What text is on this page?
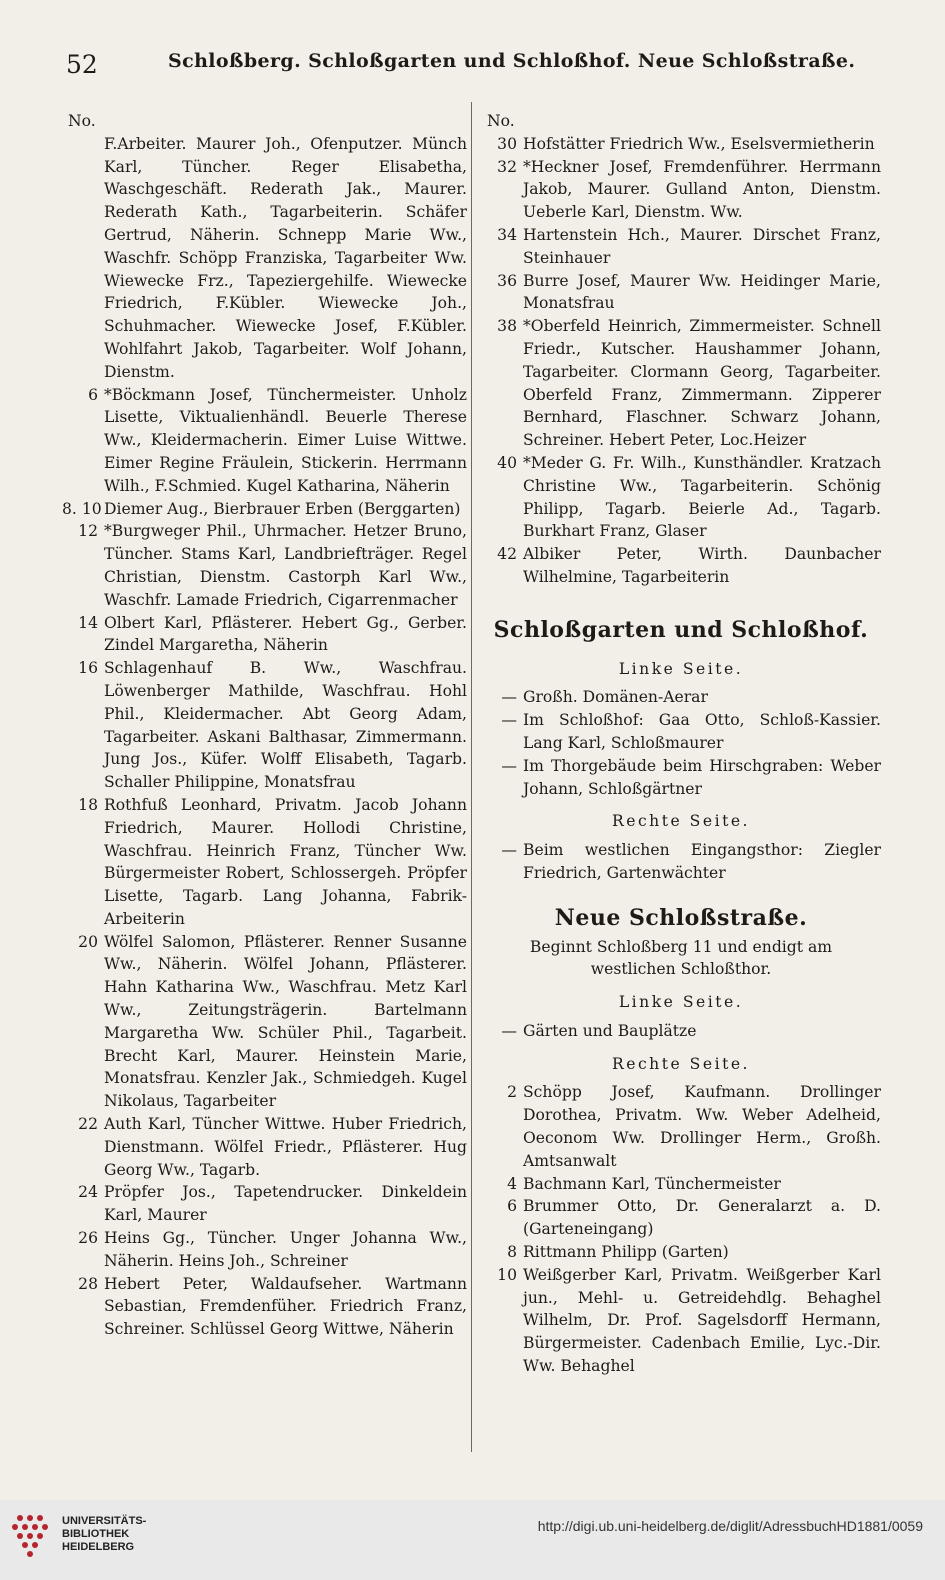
52	Schloßberg. Schloßgarten und Schloßhof. Neue Schloßstraße.
No.
F.Arbeiter. Maurer Joh., Ofenputzer. Münch Karl, Tüncher. Reger Elisabetha, Waschgeschäft. Rederath Jak., Maurer. Rederath Kath., Tagarbeiterin. Schäfer Gertrud, Näherin. Schnepp Marie Ww., Waschfr. Schöpp Franziska, Tagarbeiter Ww. Wiewecke Frz., Tapeziergehilfe. Wiewecke Friedrich, F.Kübler. Wiewecke Joh., Schuhmacher. Wiewecke Josef, F.Kübler. Wohlfahrt Jakob, Tagarbeiter. Wolf Johann, Dienstm.
6 *Böckmann Josef, Tünchermeister. Unholz Lisette, Viktualienhändl. Beuerle Therese Ww., Kleidermacherin. Eimer Luise Wittwe. Eimer Regine Fräulein, Stickerin. Herrmann Wilh., F.Schmied. Kugel Katharina, Näherin
8. 10 Diemer Aug., Bierbrauer Erben (Berggarten)
12 *Burgweger Phil., Uhrmacher. Hetzer Bruno, Tüncher. Stams Karl, Landbriefträger. Regel Christian, Dienstm. Castorph Karl Ww., Waschfr. Lamade Friedrich, Cigarrenmacher
14 Olbert Karl, Pflästerer. Hebert Gg., Gerber. Zindel Margaretha, Näherin
16 Schlagenhauf B. Ww., Waschfrau. Löwenberger Mathilde, Waschfrau. Hohl Phil., Kleidermacher. Abt Georg Adam, Tagarbeiter. Askani Balthasar, Zimmermann. Jung Jos., Küfer. Wolff Elisabeth, Tagarb. Schaller Philippine, Monatsfrau
18 Rothfuß Leonhard, Privatm. Jacob Johann Friedrich, Maurer. Hollodi Christine, Waschfrau. Heinrich Franz, Tüncher Ww. Bürgermeister Robert, Schlossergeh. Pröpfer Lisette, Tagarb. Lang Johanna, Fabrik-Arbeiterin
20 Wölfel Salomon, Pflästerer. Renner Susanne Ww., Näherin. Wölfel Johann, Pflästerer. Hahn Katharina Ww., Waschfrau. Metz Karl Ww., Zeitungsträgerin. Bartelmann Margaretha Ww. Schüler Phil., Tagarbeit. Brecht Karl, Maurer. Heinstein Marie, Monatsfrau. Kenzler Jak., Schmiedgeh. Kugel Nikolaus, Tagarbeiter
22 Auth Karl, Tüncher Wittwe. Huber Friedrich, Dienstmann. Wölfel Friedr., Pflästerer. Hug Georg Ww., Tagarb.
24 Pröpfer Jos., Tapetendrucker. Dinkeldein Karl, Maurer
26 Heins Gg., Tüncher. Unger Johanna Ww., Näherin. Heins Joh., Schreiner
28 Hebert Peter, Waldaufseher. Wartmann Sebastian, Fremdenfüher. Friedrich Franz, Schreiner. Schlüssel Georg Wittwe, Näherin
No.
30 Hofstätter Friedrich Ww., Eselsvermietherin
32 *Heckner Josef, Fremdenführer. Herrmann Jakob, Maurer. Gulland Anton, Dienstm. Ueberle Karl, Dienstm. Ww.
34 Hartenstein Hch., Maurer. Dirschet Franz, Steinhauer
36 Burre Josef, Maurer Ww. Heidinger Marie, Monatsfrau
38 *Oberfeld Heinrich, Zimmermeister. Schnell Friedr., Kutscher. Haushammer Johann, Tagarbeiter. Clormann Georg, Tagarbeiter. Oberfeld Franz, Zimmermann. Zipperer Bernhard, Flaschner. Schwarz Johann, Schreiner. Hebert Peter, Loc.Heizer
40 *Meder G. Fr. Wilh., Kunsthändler. Kratzach Christine Ww., Tagarbeiterin. Schönig Philipp, Tagarb. Beierle Ad., Tagarb. Burkhart Franz, Glaser
42 Albiker Peter, Wirth. Daunbacher Wilhelmine, Tagarbeiterin
Schloßgarten und Schloßhof.
Linke Seite.
— Großh. Domänen-Aerar
— Im Schloßhof: Gaa Otto, Schloß-Kassier. Lang Karl, Schloßmaurer
— Im Thorgebäude beim Hirschgraben: Weber Johann, Schloßgärtner
Rechte Seite.
— Beim westlichen Eingangsthor: Ziegler Friedrich, Gartenwächter
Neue Schloßstraße.
Beginnt Schloßberg 11 und endigt am westlichen Schloßthor.
Linke Seite.
— Gärten und Bauplätze
Rechte Seite.
2 Schöpp Josef, Kaufmann. Drollinger Dorothea, Privatm. Ww. Weber Adelheid, Oeconom Ww. Drollinger Herm., Großh. Amtsanwalt
4 Bachmann Karl, Tünchermeister
6 Brummer Otto, Dr. Generalarzt a. D. (Garteneingang)
8 Rittmann Philipp (Garten)
10 Weißgerber Karl, Privatm. Weißgerber Karl jun., Mehl- u. Getreidehdlg. Behaghel Wilhelm, Dr. Prof. Sagelsdorff Hermann, Bürgermeister. Cadenbach Emilie, Lyc.-Dir. Ww. Behaghel
UNIVERSITÄTS-
BIBLIOTHEK
HEIDELBERG
http://digi.ub.uni-heidelberg.de/diglit/AdressbuchHD1881/0059
